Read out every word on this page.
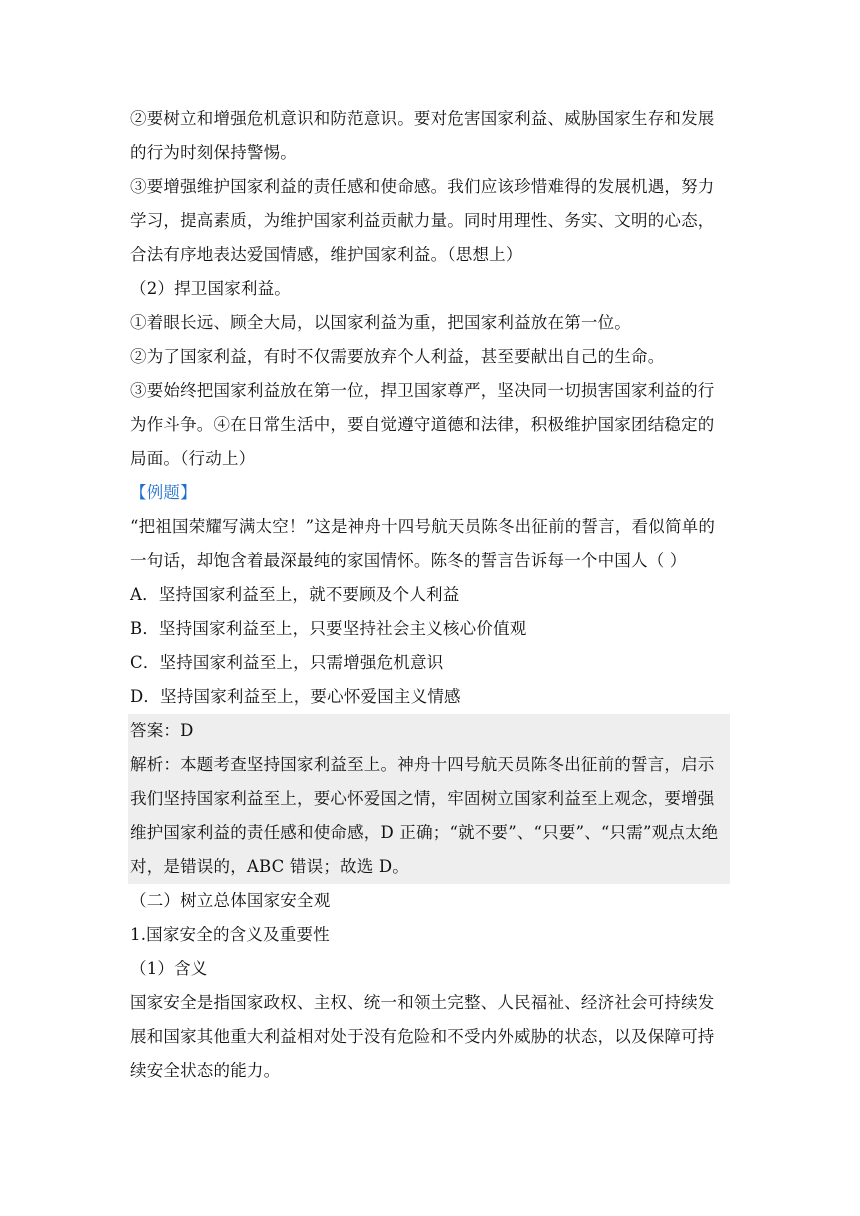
②要树立和增强危机意识和防范意识。要对危害国家利益、威胁国家生存和发展
的行为时刻保持警惕。
③要增强维护国家利益的责任感和使命感。我们应该珍惜难得的发展机遇，努力
学习，提高素质，为维护国家利益贡献力量。同时用理性、务实、文明的心态，
合法有序地表达爱国情感，维护国家利益。（思想上）
（2）捍卫国家利益。
①着眼长远、顾全大局，以国家利益为重，把国家利益放在第一位。
②为了国家利益，有时不仅需要放弃个人利益，甚至要献出自己的生命。
③要始终把国家利益放在第一位，捍卫国家尊严，坚决同一切损害国家利益的行
为作斗争。④在日常生活中，要自觉遵守道德和法律，积极维护国家团结稳定的
局面。（行动上）
【例题】
“把祖国荣耀写满太空！”这是神舟十四号航天员陈冬出征前的誓言，看似简单的
一句话，却饱含着最深最纯的家国情怀。陈冬的誓言告诉每一个中国人（ ）
A．坚持国家利益至上，就不要顾及个人利益
B．坚持国家利益至上，只要坚持社会主义核心价值观
C．坚持国家利益至上，只需增强危机意识
D．坚持国家利益至上，要心怀爱国主义情感
答案：D
解析：本题考查坚持国家利益至上。神舟十四号航天员陈冬出征前的誓言，启示
我们坚持国家利益至上，要心怀爱国之情，牢固树立国家利益至上观念，要增强
维护国家利益的责任感和使命感，D 正确；“就不要”、“只要”、“只需”观点太绝
对，是错误的，ABC 错误；故选 D。
（二）树立总体国家安全观
1.国家安全的含义及重要性
（1）含义
国家安全是指国家政权、主权、统一和领土完整、人民福祉、经济社会可持续发
展和国家其他重大利益相对处于没有危险和不受内外威胁的状态，以及保障可持
续安全状态的能力。
